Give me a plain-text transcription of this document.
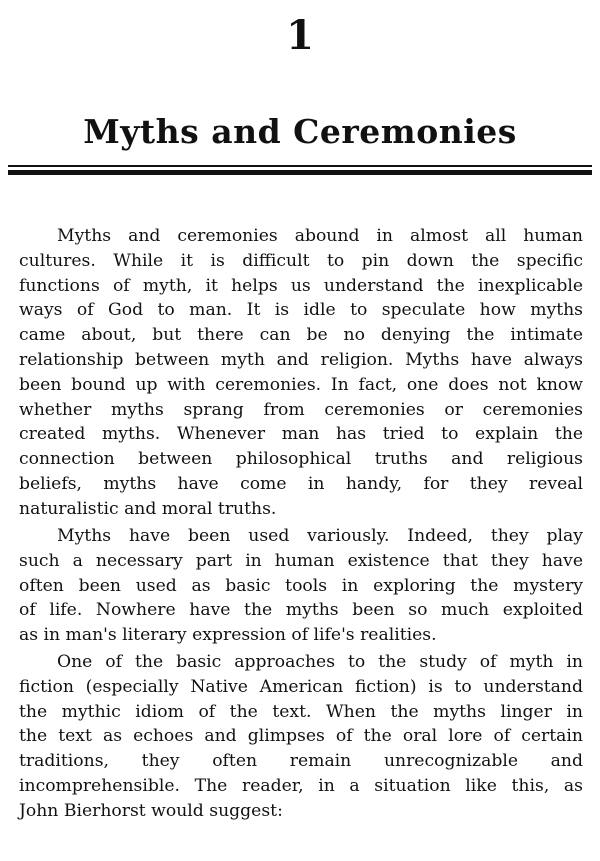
1
Myths and Ceremonies
Myths and ceremonies abound in almost all human
cultures. While it is difficult to pin down the specific
functions of myth, it helps us understand the inexplicable
ways of God to man. It is idle to speculate how myths
came about, but there can be no denying the intimate
relationship between myth and religion. Myths have always
been bound up with ceremonies. In fact, one does not know
whether myths sprang from ceremonies or ceremonies
created myths. Whenever man has tried to explain the
connection between philosophical truths and religious
beliefs, myths have come in handy, for they reveal
naturalistic and moral truths.
Myths have been used variously. Indeed, they play
such a necessary part in human existence that they have
often been used as basic tools in exploring the mystery
of life. Nowhere have the myths been so much exploited
as in man's literary expression of life's realities.
One of the basic approaches to the study of myth in
fiction (especially Native American fiction) is to understand
the mythic idiom of the text. When the myths linger in
the text as echoes and glimpses of the oral lore of certain
traditions, they often remain unrecognizable and
incomprehensible. The reader, in a situation like this, as
John Bierhorst would suggest:
